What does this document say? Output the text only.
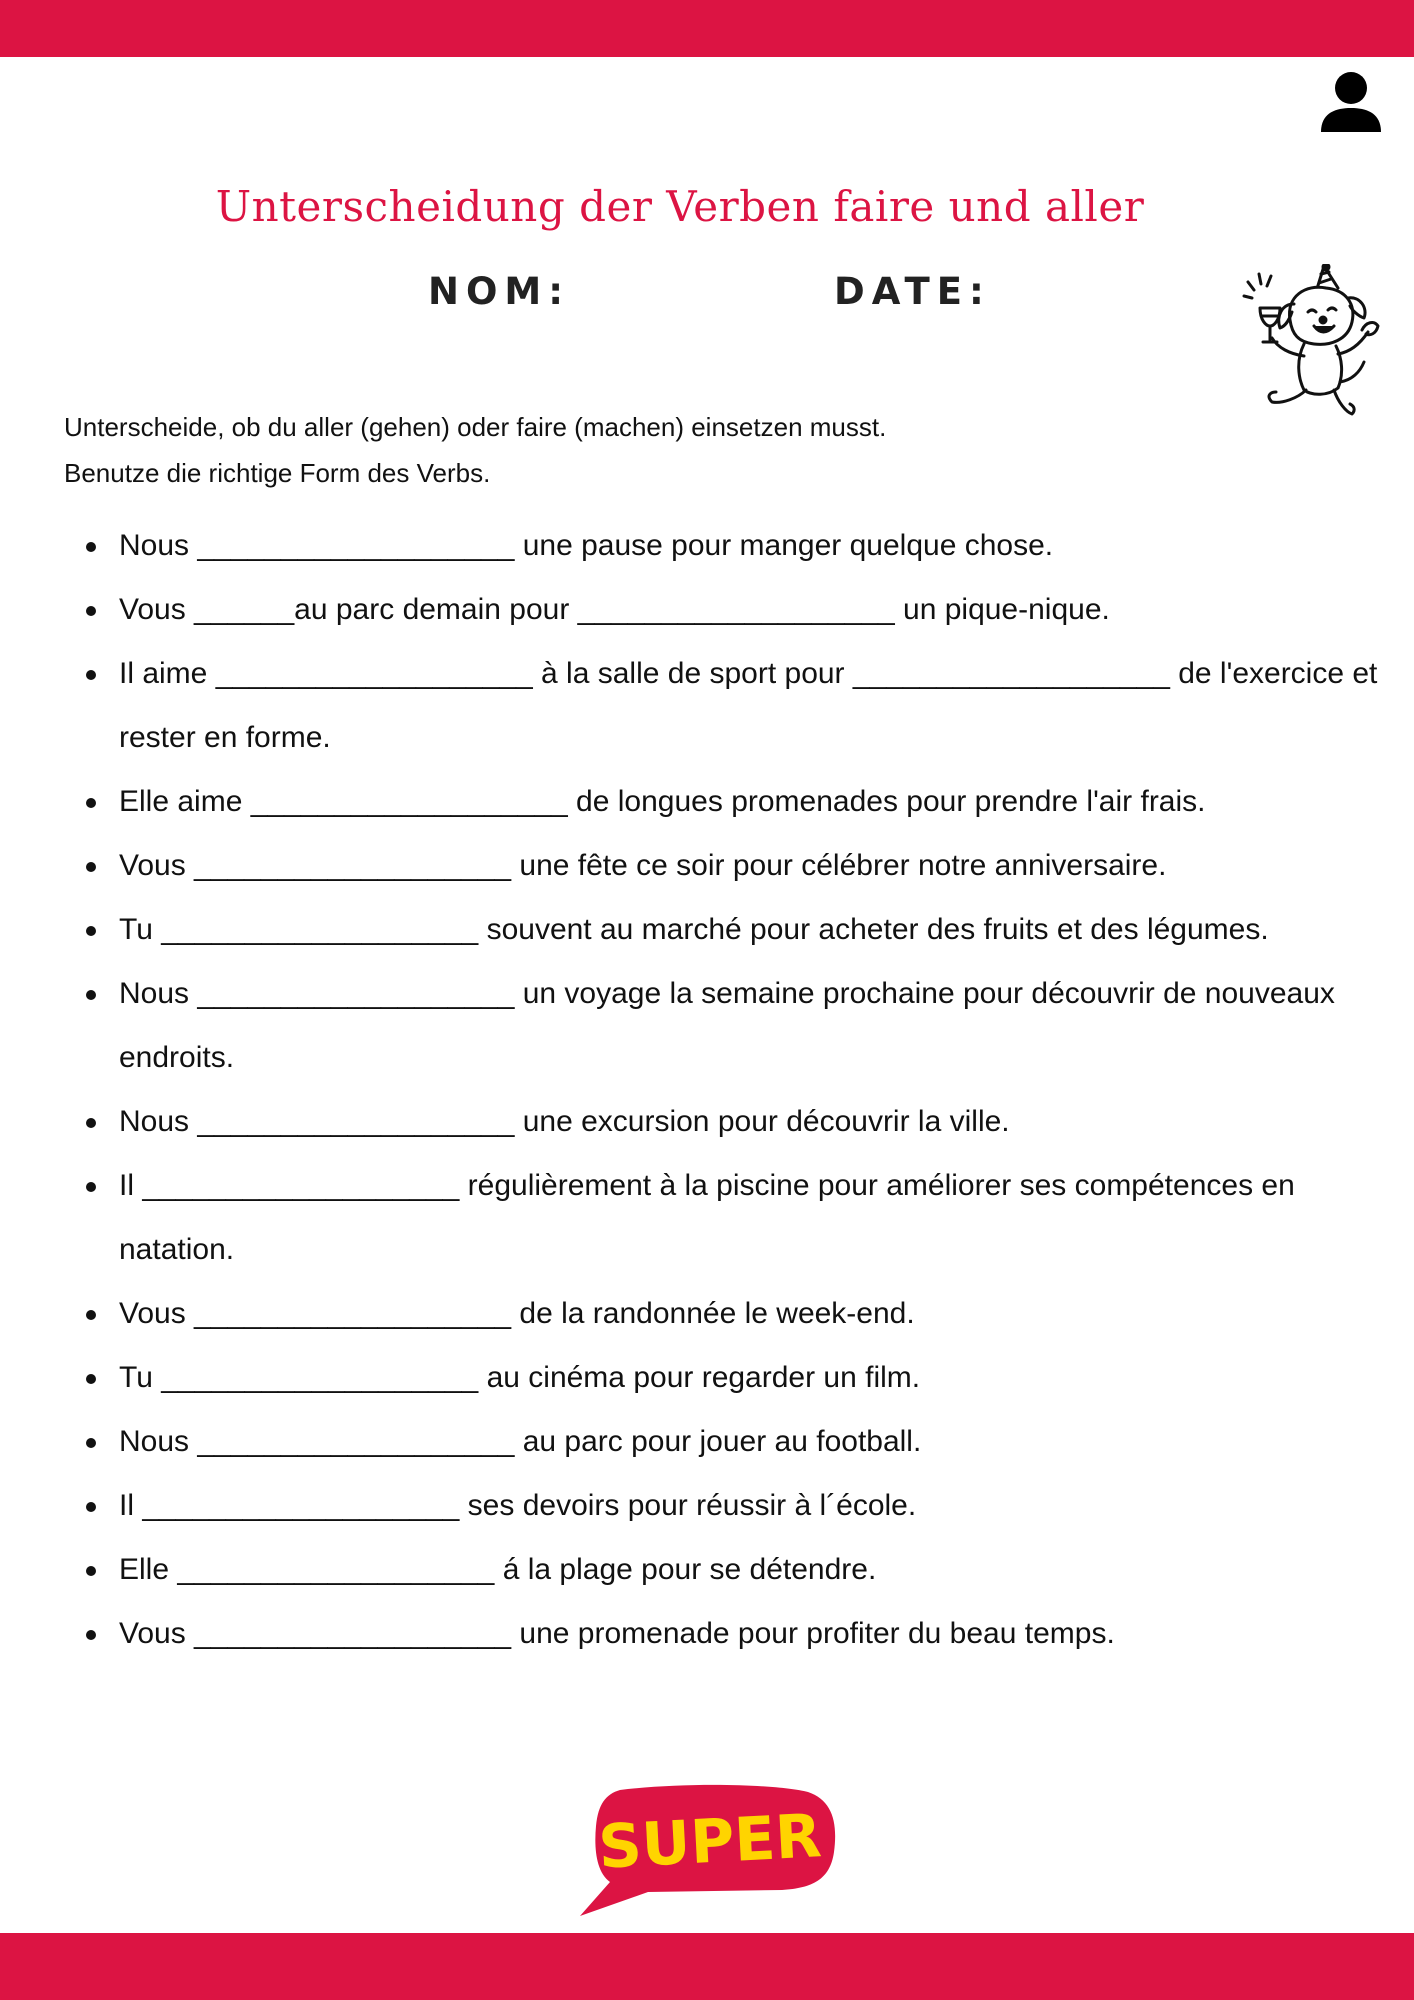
Unterscheidung der Verben faire und aller
NOM:	DATE:
Unterscheide, ob du aller (gehen) oder faire (machen) einsetzen musst.
Benutze die richtige Form des Verbs.
Nous ___________________ une pause pour manger quelque chose.
Vous ______au parc demain pour ___________________ un pique-nique.
Il aime ___________________ à la salle de sport pour ___________________ de l'exercice et rester en forme.
Elle aime ___________________ de longues promenades pour prendre l'air frais.
Vous ___________________ une fête ce soir pour célébrer notre anniversaire.
Tu ___________________ souvent au marché pour acheter des fruits et des légumes.
Nous ___________________ un voyage la semaine prochaine pour découvrir de nouveaux endroits.
Nous ___________________ une excursion pour découvrir la ville.
Il ___________________ régulièrement à la piscine pour améliorer ses compétences en natation.
Vous ___________________ de la randonnée le week-end.
Tu ___________________ au cinéma pour regarder un film.
Nous ___________________ au parc pour jouer au football.
Il ___________________ ses devoirs pour réussir à l´école.
Elle ___________________ á la plage pour se détendre.
Vous ___________________ une promenade pour profiter du beau temps.
SUPER
